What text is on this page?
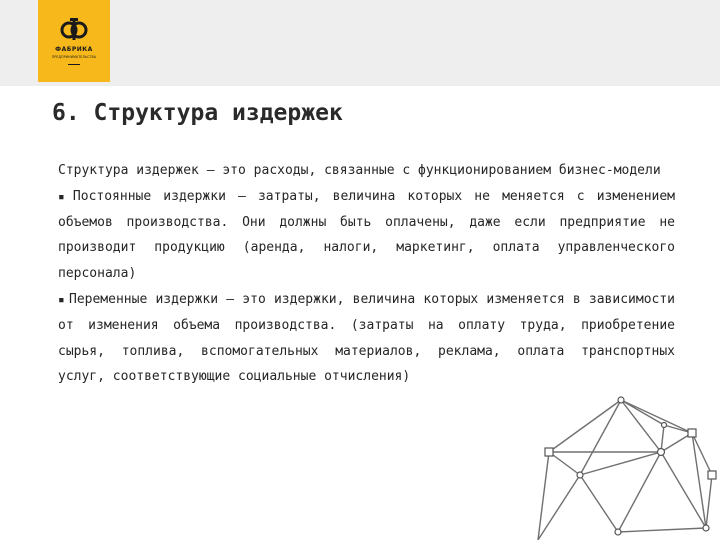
ФАБРИКА
ПРЕДПРИНИМАТЕЛЬСТВА
6. Структура издержек

Структура издержек – это расходы, связанные с функционированием бизнес-модели

▪ Постоянные издержки – затраты, величина которых не меняется с изменением объемов производства. Они должны быть оплачены, даже если предприятие не производит продукцию (аренда, налоги, маркетинг, оплата управленческого персонала)

▪ Переменные издержки – это издержки, величина которых изменяется в зависимости от изменения объема производства. (затраты на оплату труда, приобретение сырья, топлива, вспомогательных материалов, реклама, оплата транспортных услуг, соответствующие социальные отчисления)
